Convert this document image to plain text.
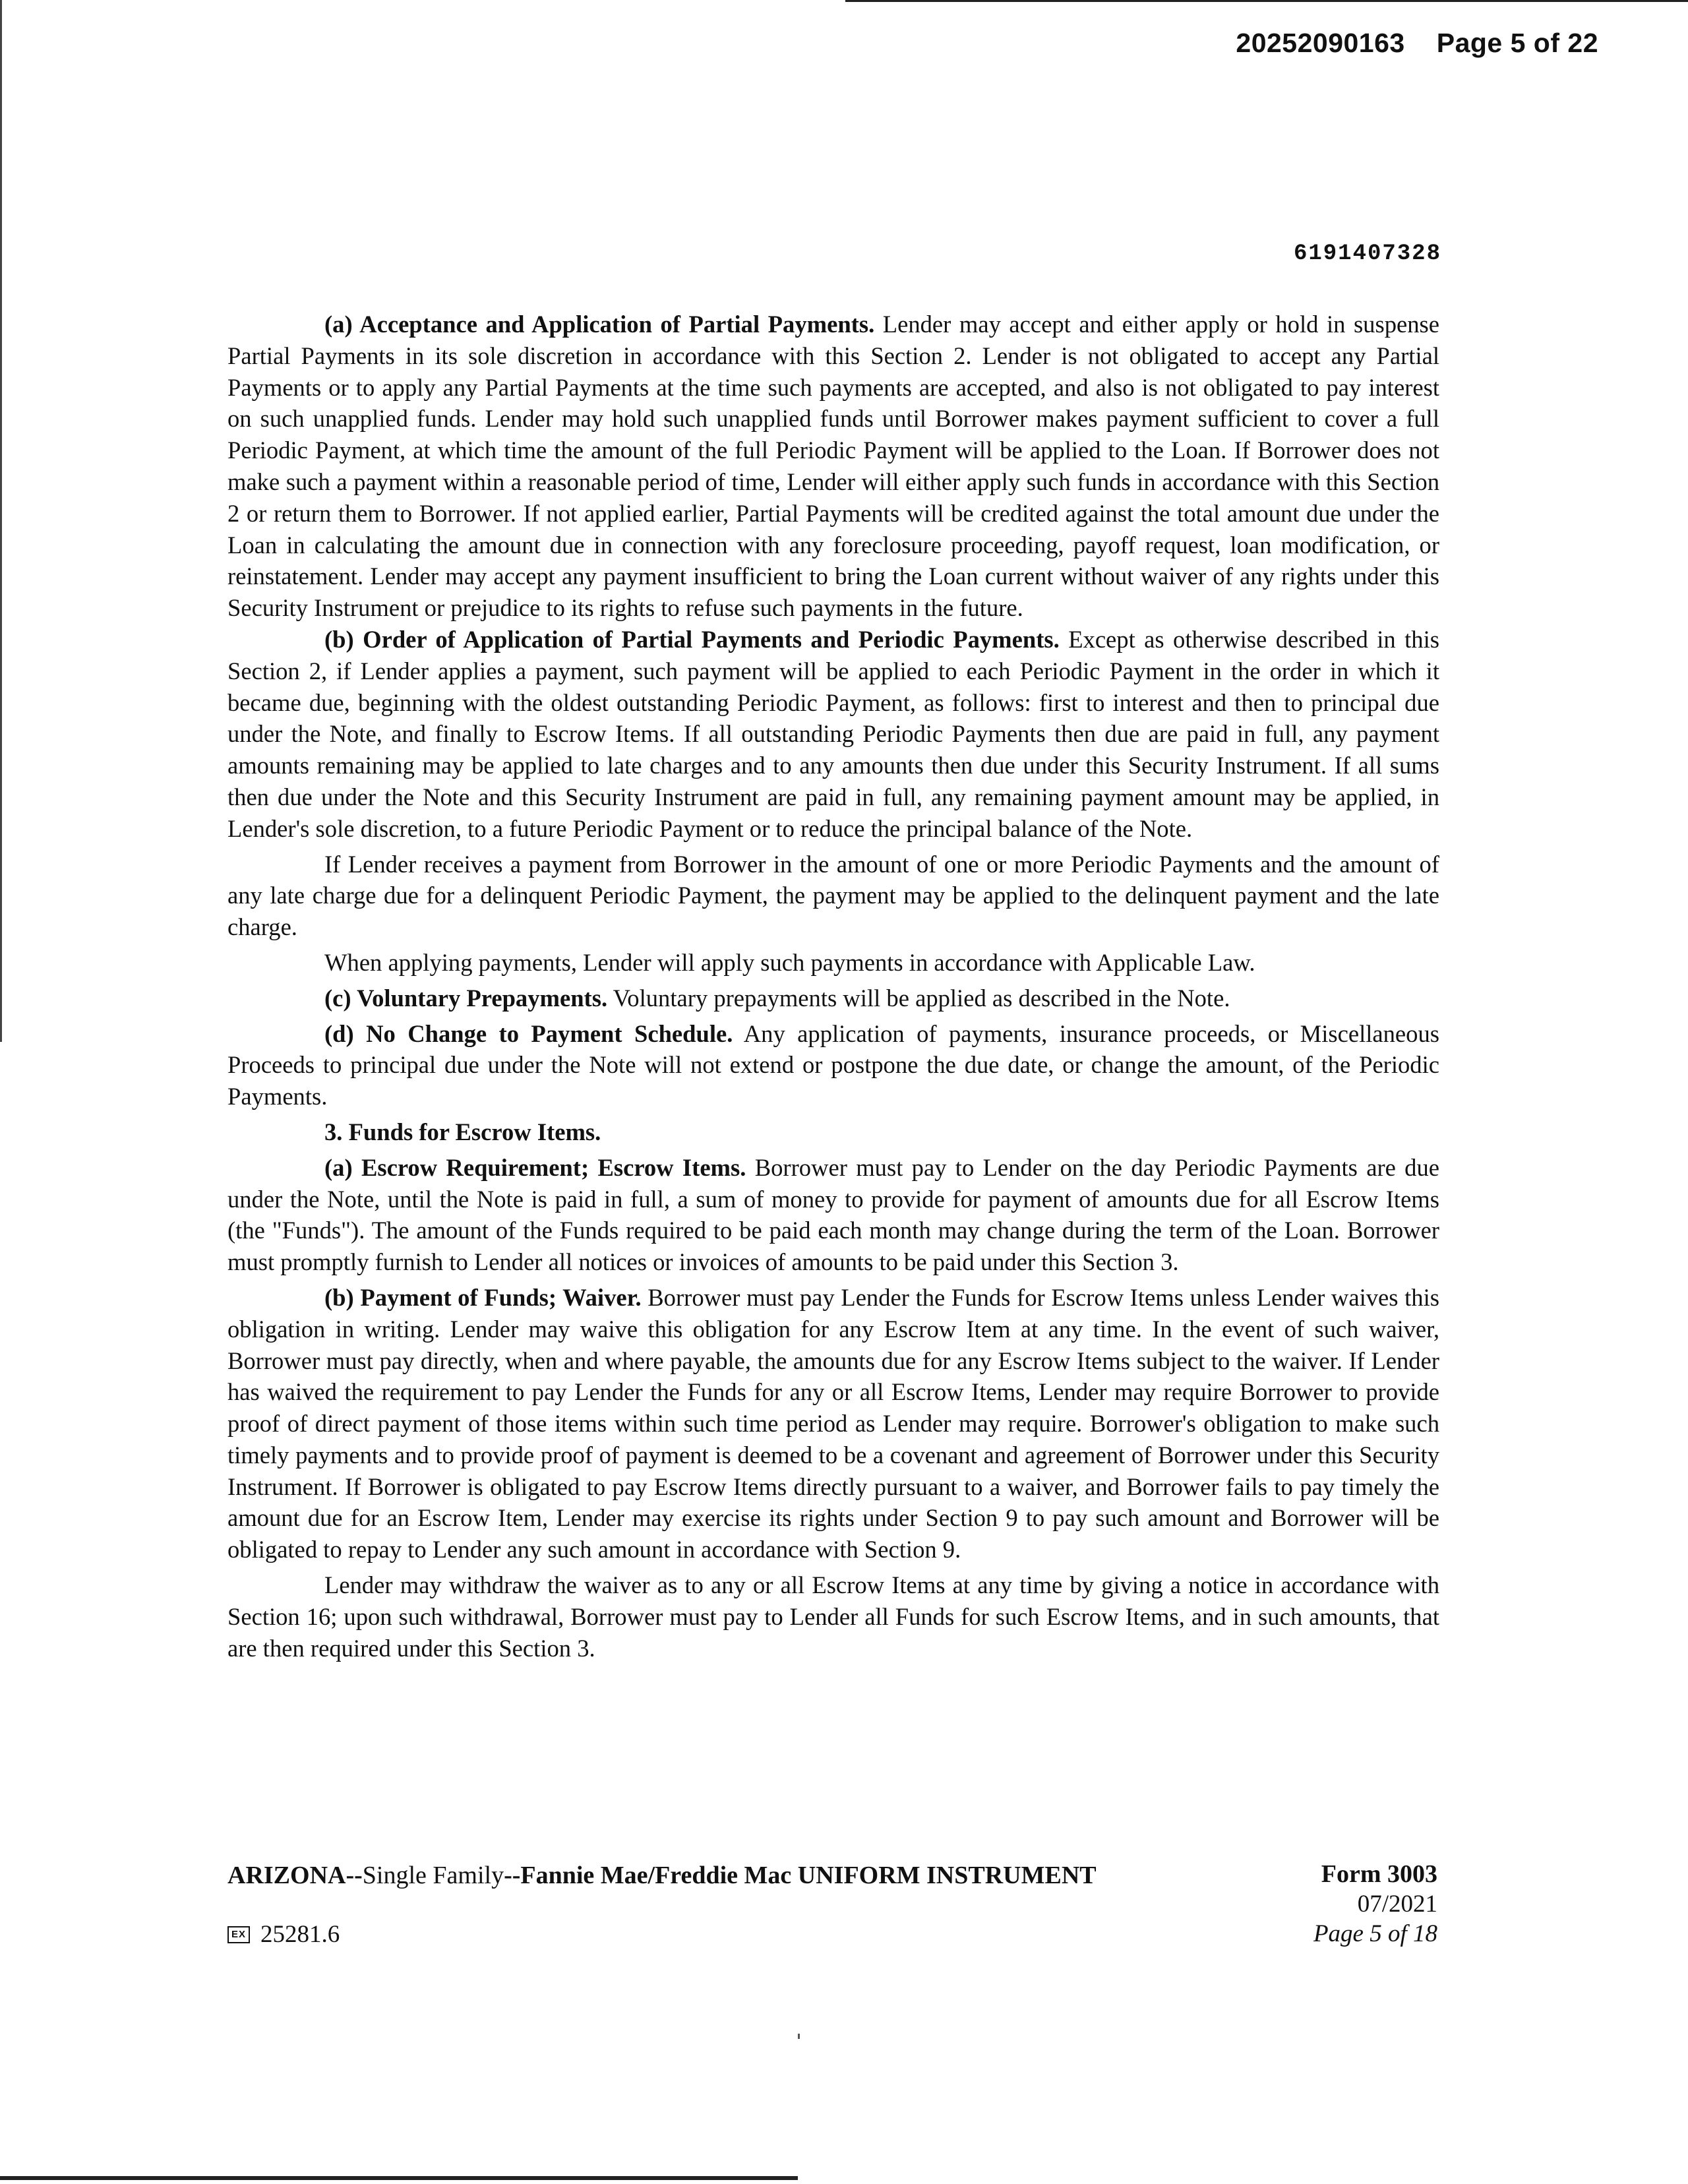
20252090163 Page 5 of 22
6191407328

(a) Acceptance and Application of Partial Payments. Lender may accept and either apply or hold in suspense Partial Payments in its sole discretion in accordance with this Section 2. Lender is not obligated to accept any Partial Payments or to apply any Partial Payments at the time such payments are accepted, and also is not obligated to pay interest on such unapplied funds. Lender may hold such unapplied funds until Borrower makes payment sufficient to cover a full Periodic Payment, at which time the amount of the full Periodic Payment will be applied to the Loan. If Borrower does not make such a payment within a reasonable period of time, Lender will either apply such funds in accordance with this Section 2 or return them to Borrower. If not applied earlier, Partial Payments will be credited against the total amount due under the Loan in calculating the amount due in connection with any foreclosure proceeding, payoff request, loan modification, or reinstatement. Lender may accept any payment insufficient to bring the Loan current without waiver of any rights under this Security Instrument or prejudice to its rights to refuse such payments in the future.

(b) Order of Application of Partial Payments and Periodic Payments. Except as otherwise described in this Section 2, if Lender applies a payment, such payment will be applied to each Periodic Payment in the order in which it became due, beginning with the oldest outstanding Periodic Payment, as follows: first to interest and then to principal due under the Note, and finally to Escrow Items. If all outstanding Periodic Payments then due are paid in full, any payment amounts remaining may be applied to late charges and to any amounts then due under this Security Instrument. If all sums then due under the Note and this Security Instrument are paid in full, any remaining payment amount may be applied, in Lender's sole discretion, to a future Periodic Payment or to reduce the principal balance of the Note.

If Lender receives a payment from Borrower in the amount of one or more Periodic Payments and the amount of any late charge due for a delinquent Periodic Payment, the payment may be applied to the delinquent payment and the late charge.

When applying payments, Lender will apply such payments in accordance with Applicable Law.

(c) Voluntary Prepayments. Voluntary prepayments will be applied as described in the Note.

(d) No Change to Payment Schedule. Any application of payments, insurance proceeds, or Miscellaneous Proceeds to principal due under the Note will not extend or postpone the due date, or change the amount, of the Periodic Payments.

3. Funds for Escrow Items.

(a) Escrow Requirement; Escrow Items. Borrower must pay to Lender on the day Periodic Payments are due under the Note, until the Note is paid in full, a sum of money to provide for payment of amounts due for all Escrow Items (the "Funds"). The amount of the Funds required to be paid each month may change during the term of the Loan. Borrower must promptly furnish to Lender all notices or invoices of amounts to be paid under this Section 3.

(b) Payment of Funds; Waiver. Borrower must pay Lender the Funds for Escrow Items unless Lender waives this obligation in writing. Lender may waive this obligation for any Escrow Item at any time. In the event of such waiver, Borrower must pay directly, when and where payable, the amounts due for any Escrow Items subject to the waiver. If Lender has waived the requirement to pay Lender the Funds for any or all Escrow Items, Lender may require Borrower to provide proof of direct payment of those items within such time period as Lender may require. Borrower's obligation to make such timely payments and to provide proof of payment is deemed to be a covenant and agreement of Borrower under this Security Instrument. If Borrower is obligated to pay Escrow Items directly pursuant to a waiver, and Borrower fails to pay timely the amount due for an Escrow Item, Lender may exercise its rights under Section 9 to pay such amount and Borrower will be obligated to repay to Lender any such amount in accordance with Section 9.

Lender may withdraw the waiver as to any or all Escrow Items at any time by giving a notice in accordance with Section 16; upon such withdrawal, Borrower must pay to Lender all Funds for such Escrow Items, and in such amounts, that are then required under this Section 3.

ARIZONA--Single Family--Fannie Mae/Freddie Mac UNIFORM INSTRUMENT	Form 3003
07/2021
Page 5 of 18
EX 25281.6
